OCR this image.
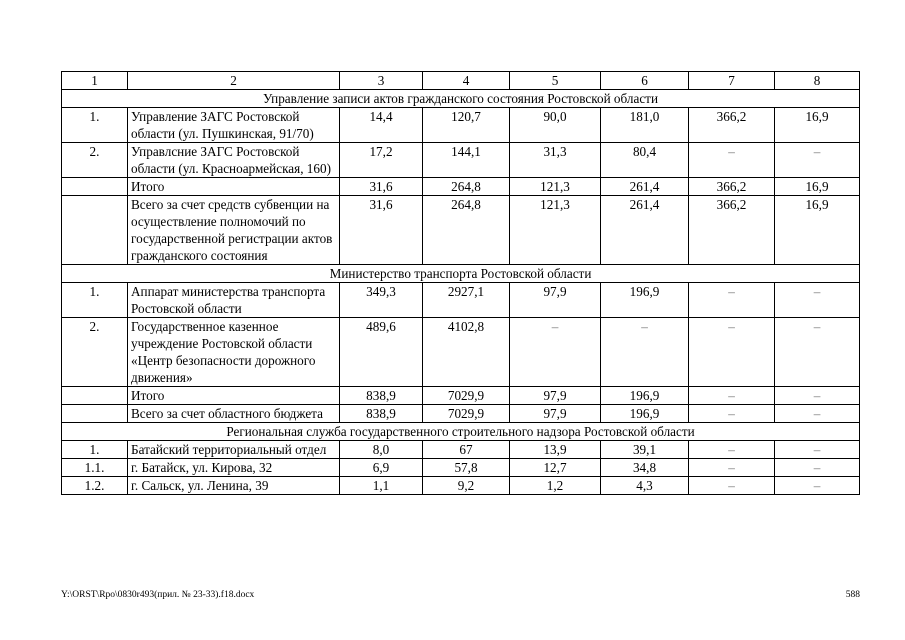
1	2	3	4	5	6	7	8
Управление записи актов гражданского состояния Ростовской области							
1.	Управление ЗАГС Ростовской области (ул. Пушкинская, 91/70)	14,4	120,7	90,0	181,0	366,2	16,9
2.	Управлсние ЗАГС Ростовской области (ул. Красноармейская, 160)	17,2	144,1	31,3	80,4	–	–
	Итого	31,6	264,8	121,3	261,4	366,2	16,9
	Всего за счет средств субвенции на осуществление полномочий по государственной регистрации актов гражданского состояния	31,6	264,8	121,3	261,4	366,2	16,9
Министерство транспорта Ростовской области							
1.	Аппарат министерства транспорта Ростовской области	349,3	2927,1	97,9	196,9	–	–
2.	Государственное казенное учреждение Ростовской области «Центр безопасности дорожного движения»	489,6	4102,8	–	–	–	–
	Итого	838,9	7029,9	97,9	196,9	–	–
	Всего за счет областного бюджета	838,9	7029,9	97,9	196,9	–	–
Региональная служба государственного строительного надзора Ростовской области							
1.	Батайский территориальный отдел	8,0	67	13,9	39,1	–	–
1.1.	г. Батайск, ул. Кирова, 32	6,9	57,8	12,7	34,8	–	–
1.2.	г. Сальск, ул. Ленина, 39	1,1	9,2	1,2	4,3	–	–
Y:\ORST\Rpo\0830r493(прил. № 23-33).f18.docx	588
